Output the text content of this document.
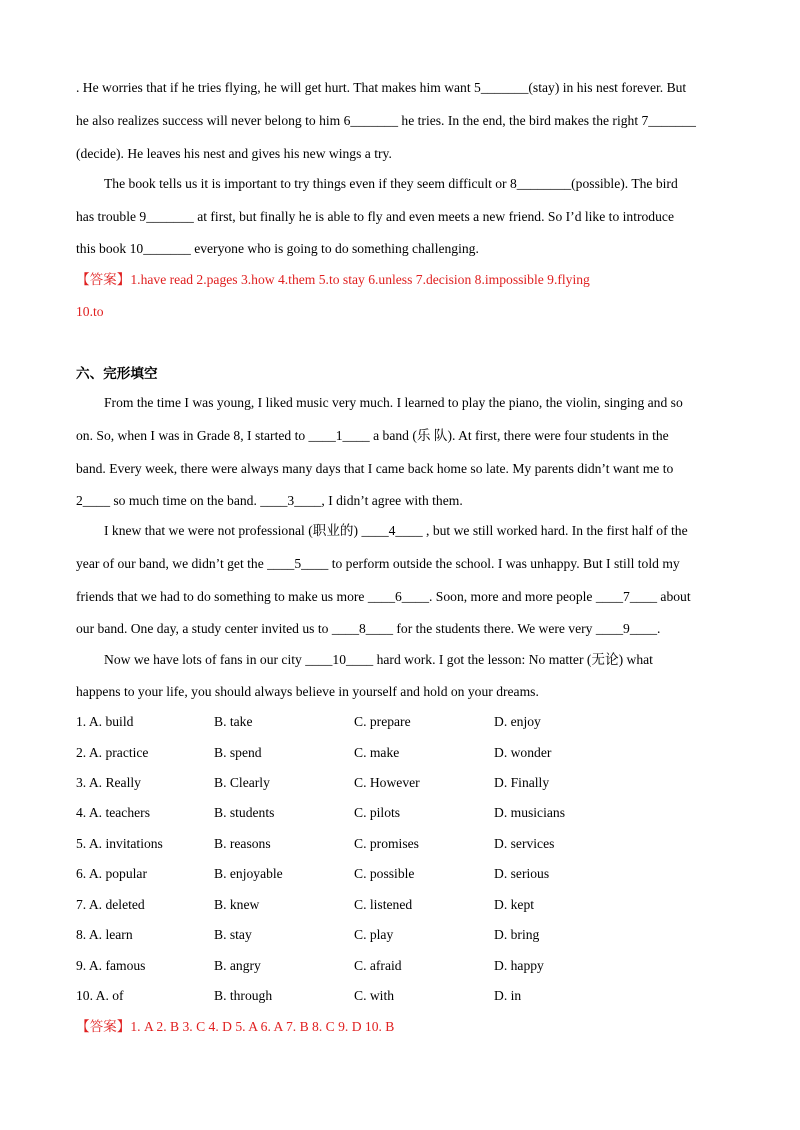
. He worries that if he tries flying, he will get hurt. That makes him want 5_______(stay) in his nest forever. But
he also realizes success will never belong to him 6_______ he tries. In the end, the bird makes the right 7_______
(decide). He leaves his nest and gives his new wings a try.
The book tells us it is important to try things even if they seem difficult or 8________(possible). The bird
has trouble 9_______ at first, but finally he is able to fly and even meets a new friend. So I’d like to introduce
this book 10_______ everyone who is going to do something challenging.
【答案】1.have read 2.pages 3.how 4.them 5.to stay 6.unless 7.decision 8.impossible 9.flying
10.to
六、完形填空
From the time I was young, I liked music very much. I learned to play the piano, the violin, singing and so
on. So, when I was in Grade 8, I started to ____1____ a band (乐 队). At first, there were four students in the
band. Every week, there were always many days that I came back home so late. My parents didn’t want me to
2____ so much time on the band. ____3____, I didn’t agree with them.
I knew that we were not professional (职业的) ____4____ , but we still worked hard. In the first half of the
year of our band, we didn’t get the ____5____ to perform outside the school. I was unhappy. But I still told my
friends that we had to do something to make us more ____6____. Soon, more and more people ____7____ about
our band. One day, a study center invited us to ____8____ for the students there. We were very ____9____.
Now we have lots of fans in our city ____10____ hard work. I got the lesson: No matter (无论) what
happens to your life, you should always believe in yourself and hold on your dreams.
1. A. build	B. take	C. prepare	D. enjoy
2. A. practice	B. spend	C. make	D. wonder
3. A. Really	B. Clearly	C. However	D. Finally
4. A. teachers	B. students	C. pilots	D. musicians
5. A. invitations	B. reasons	C. promises	D. services
6. A. popular	B. enjoyable	C. possible	D. serious
7. A. deleted	B. knew	C. listened	D. kept
8. A. learn	B. stay	C. play	D. bring
9. A. famous	B. angry	C. afraid	D. happy
10. A. of	B. through	C. with	D. in
【答案】1. A 2. B 3. C 4. D 5. A 6. A 7. B 8. C 9. D 10. B
